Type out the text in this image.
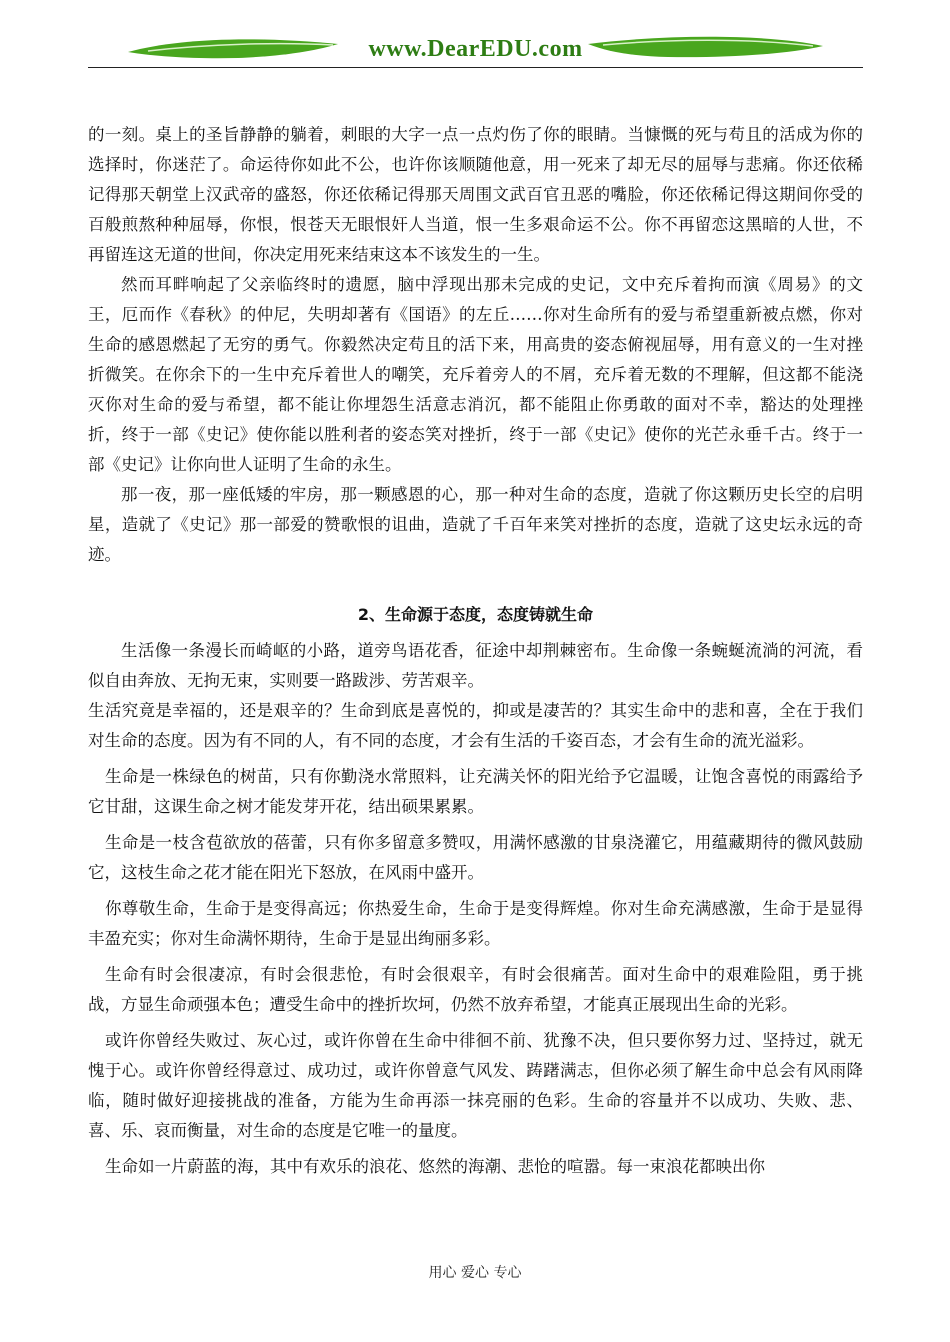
www.DearEDU.com

的一刻。桌上的圣旨静静的躺着，刺眼的大字一点一点灼伤了你的眼睛。当慷慨的死与苟且的活成为你的选择时，你迷茫了。命运待你如此不公，也许你该顺随他意，用一死来了却无尽的屈辱与悲痛。你还依稀记得那天朝堂上汉武帝的盛怒，你还依稀记得那天周围文武百官丑恶的嘴脸，你还依稀记得这期间你受的百般煎熬种种屈辱，你恨，恨苍天无眼恨奸人当道，恨一生多艰命运不公。你不再留恋这黑暗的人世，不再留连这无道的世间，你决定用死来结束这本不该发生的一生。

然而耳畔响起了父亲临终时的遗愿，脑中浮现出那未完成的史记，文中充斥着拘而演《周易》的文王，厄而作《春秋》的仲尼，失明却著有《国语》的左丘……你对生命所有的爱与希望重新被点燃，你对生命的感恩燃起了无穷的勇气。你毅然决定苟且的活下来，用高贵的姿态俯视屈辱，用有意义的一生对挫折微笑。在你余下的一生中充斥着世人的嘲笑，充斥着旁人的不屑，充斥着无数的不理解，但这都不能浇灭你对生命的爱与希望，都不能让你埋怨生活意志消沉，都不能阻止你勇敢的面对不幸，豁达的处理挫折，终于一部《史记》使你能以胜利者的姿态笑对挫折，终于一部《史记》使你的光芒永垂千古。终于一部《史记》让你向世人证明了生命的永生。

那一夜，那一座低矮的牢房，那一颗感恩的心，那一种对生命的态度，造就了你这颗历史长空的启明星，造就了《史记》那一部爱的赞歌恨的诅曲，造就了千百年来笑对挫折的态度，造就了这史坛永远的奇迹。

2、生命源于态度，态度铸就生命

生活像一条漫长而崎岖的小路，道旁鸟语花香，征途中却荆棘密布。生命像一条蜿蜒流淌的河流，看似自由奔放、无拘无束，实则要一路跋涉、劳苦艰辛。

生活究竟是幸福的，还是艰辛的？生命到底是喜悦的，抑或是凄苦的？其实生命中的悲和喜，全在于我们对生命的态度。因为有不同的人，有不同的态度，才会有生活的千姿百态，才会有生命的流光溢彩。

生命是一株绿色的树苗，只有你勤浇水常照料，让充满关怀的阳光给予它温暖，让饱含喜悦的雨露给予它甘甜，这课生命之树才能发芽开花，结出硕果累累。

生命是一枝含苞欲放的蓓蕾，只有你多留意多赞叹，用满怀感激的甘泉浇灌它，用蕴藏期待的微风鼓励它，这枝生命之花才能在阳光下怒放，在风雨中盛开。

你尊敬生命，生命于是变得高远；你热爱生命，生命于是变得辉煌。你对生命充满感激，生命于是显得丰盈充实；你对生命满怀期待，生命于是显出绚丽多彩。

生命有时会很凄凉，有时会很悲怆，有时会很艰辛，有时会很痛苦。面对生命中的艰难险阻，勇于挑战，方显生命顽强本色；遭受生命中的挫折坎坷，仍然不放弃希望，才能真正展现出生命的光彩。

或许你曾经失败过、灰心过，或许你曾在生命中徘徊不前、犹豫不决，但只要你努力过、坚持过，就无愧于心。或许你曾经得意过、成功过，或许你曾意气风发、踌躇满志，但你必须了解生命中总会有风雨降临，随时做好迎接挑战的准备，方能为生命再添一抹亮丽的色彩。生命的容量并不以成功、失败、悲、喜、乐、哀而衡量，对生命的态度是它唯一的量度。

生命如一片蔚蓝的海，其中有欢乐的浪花、悠然的海潮、悲怆的喧嚣。每一束浪花都映出你

用心 爱心 专心
